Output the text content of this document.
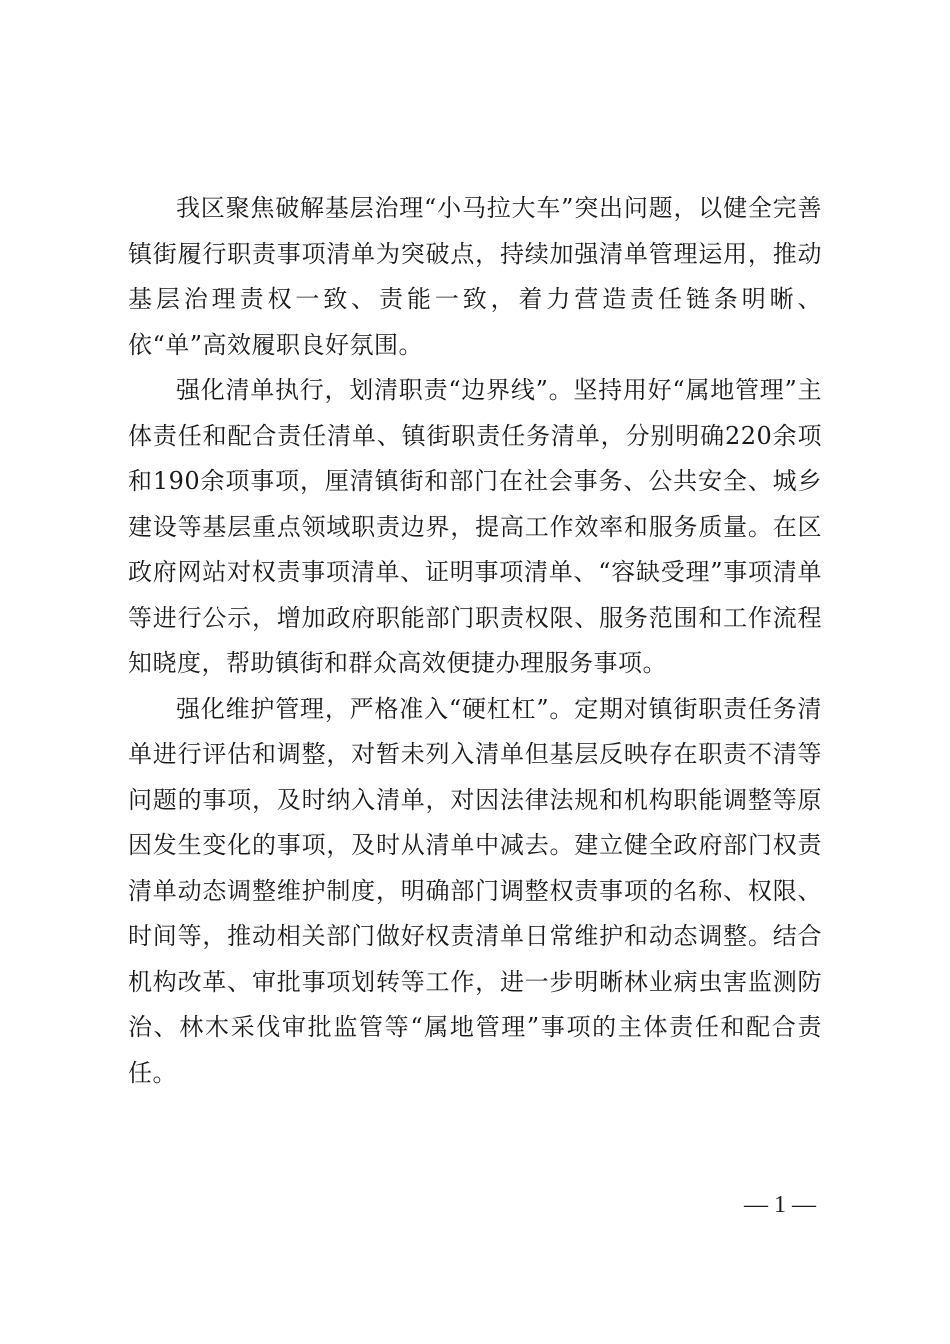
我区聚焦破解基层治理“小马拉大车”突出问题，以健全完善镇街履行职责事项清单为突破点，持续加强清单管理运用，推动基层治理责权一致、责能一致，着力营造责任链条明晰、依“单”高效履职良好氛围。

强化清单执行，划清职责“边界线”。坚持用好“属地管理”主体责任和配合责任清单、镇街职责任务清单，分别明确220余项和190余项事项，厘清镇街和部门在社会事务、公共安全、城乡建设等基层重点领域职责边界，提高工作效率和服务质量。在区政府网站对权责事项清单、证明事项清单、“容缺受理”事项清单等进行公示，增加政府职能部门职责权限、服务范围和工作流程知晓度，帮助镇街和群众高效便捷办理服务事项。

强化维护管理，严格准入“硬杠杠”。定期对镇街职责任务清单进行评估和调整，对暂未列入清单但基层反映存在职责不清等问题的事项，及时纳入清单，对因法律法规和机构职能调整等原因发生变化的事项，及时从清单中减去。建立健全政府部门权责清单动态调整维护制度，明确部门调整权责事项的名称、权限、时间等，推动相关部门做好权责清单日常维护和动态调整。结合机构改革、审批事项划转等工作，进一步明晰林业病虫害监测防治、林木采伐审批监管等“属地管理”事项的主体责任和配合责任。

— 1 —
